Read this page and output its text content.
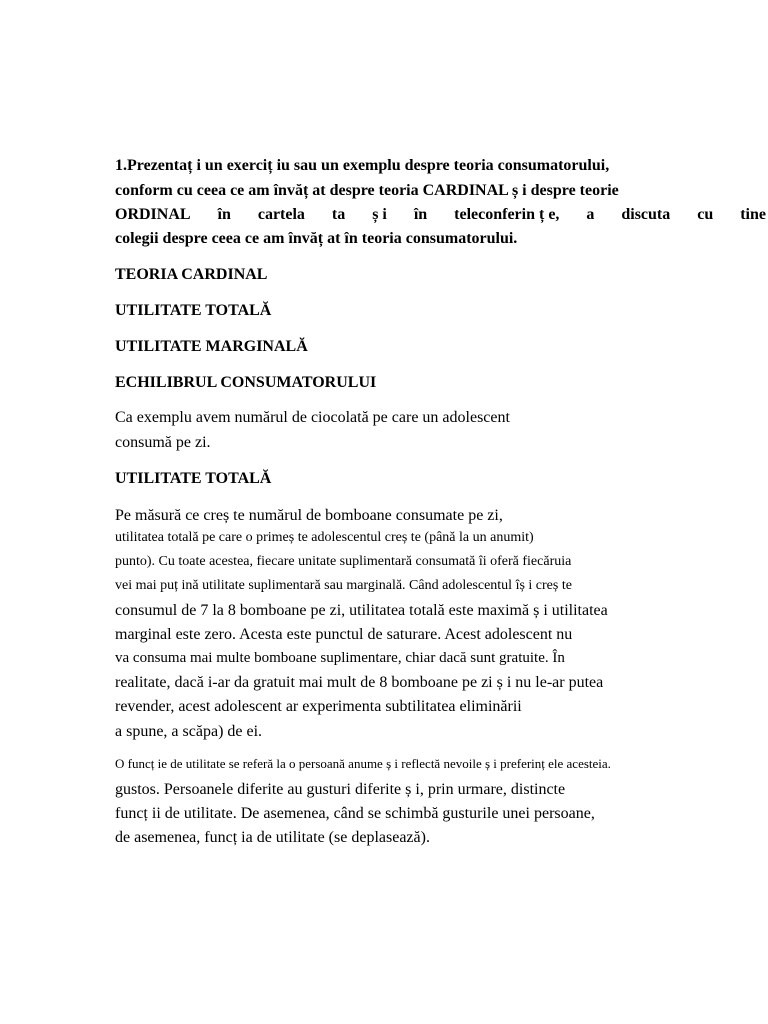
1.Prezentaț i un exerciț iu sau un exemplu despre teoria consumatorului,
conform cu ceea ce am învăț at despre teoria CARDINAL ș i despre teorie
ORDINAL în cartela ta ș i în teleconferin ț e, a discuta cu tine
colegii despre ceea ce am învăț at în teoria consumatorului.
TEORIA CARDINAL
UTILITATE TOTALĂ
UTILITATE MARGINALĂ
ECHILIBRUL CONSUMATORULUI
Ca exemplu avem numărul de ciocolată pe care un adolescent
consumă pe zi.
UTILITATE TOTALĂ
Pe măsură ce creș te numărul de bomboane consumate pe zi,
utilitatea totală pe care o primeș te adolescentul creș te (până la un anumit)
punto). Cu toate acestea, fiecare unitate suplimentară consumată îi oferă fiecăruia
vei mai puț ină utilitate suplimentară sau marginală. Când adolescentul îș i creș te
consumul de 7 la 8 bomboane pe zi, utilitatea totală este maximă ș i utilitatea
marginal este zero. Acesta este punctul de saturare. Acest adolescent nu
va consuma mai multe bomboane suplimentare, chiar dacă sunt gratuite. În
realitate, dacă i-ar da gratuit mai mult de 8 bomboane pe zi ș i nu le-ar putea
revender, acest adolescent ar experimenta subtilitatea eliminării
a spune, a scăpa) de ei.
O funcț ie de utilitate se referă la o persoană anume ș i reflectă nevoile ș i preferinț ele acesteia.
gustos. Persoanele diferite au gusturi diferite ș i, prin urmare, distincte
funcț ii de utilitate. De asemenea, când se schimbă gusturile unei persoane,
de asemenea, funcț ia de utilitate (se deplasează).
